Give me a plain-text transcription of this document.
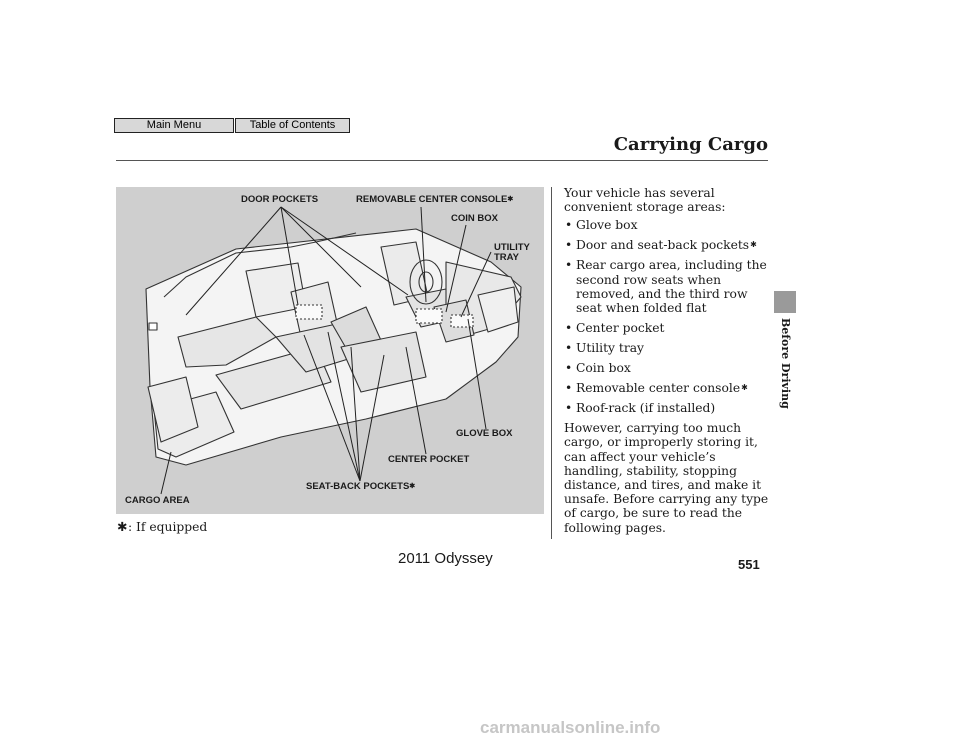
Main Menu	Table of Contents
Carrying Cargo
Before Driving
DOOR POCKETS	REMOVABLE CENTER CONSOLE✱
COIN BOX
UTILITY
TRAY
GLOVE BOX
CENTER POCKET
SEAT-BACK POCKETS✱
CARGO AREA

Your vehicle has several convenient storage areas:

• Glove box
• Door and seat-back pockets✱
• Rear cargo area, including the second row seats when removed, and the third row seat when folded flat
• Center pocket
• Utility tray
• Coin box
• Removable center console✱
• Roof-rack (if installed)

However, carrying too much cargo, or improperly storing it, can affect your vehicle’s handling, stability, stopping distance, and tires, and make it unsafe. Before carrying any type of cargo, be sure to read the following pages.

✱: If equipped
2011 Odyssey	551
carmanualsonline.info
